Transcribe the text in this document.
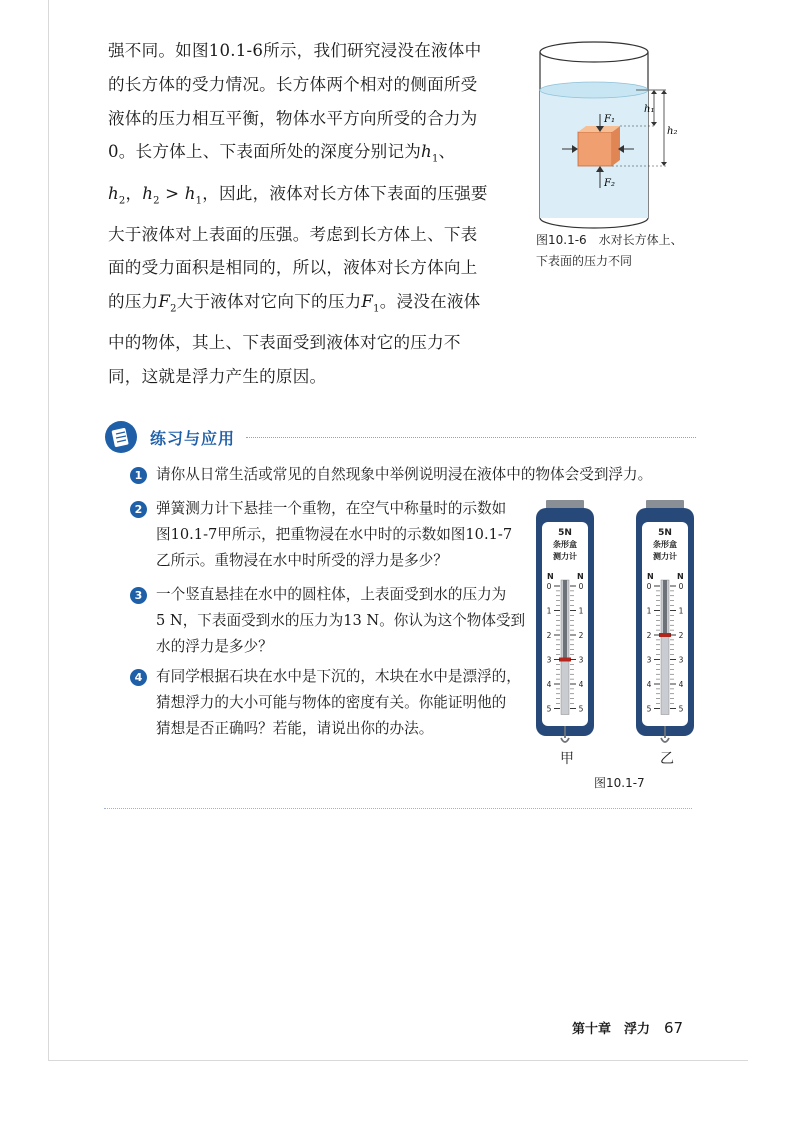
强不同。如图10.1-6所示，我们研究浸没在液体中的长方体的受力情况。长方体两个相对的侧面所受液体的压力相互平衡，物体水平方向所受的合力为0。长方体上、下表面所处的深度分别记为$h_1$、$h_2$，$h_2 > h_1$，因此，液体对长方体下表面的压强要大于液体对上表面的压强。考虑到长方体上、下表面的受力面积是相同的，所以，液体对长方体向上的压力$F_2$大于液体对它向下的压力$F_1$。浸没在液体中的物体，其上、下表面受到液体对它的压力不同，这就是浮力产生的原因。

h₁
h₂
F₁
F₂
图10.1-6　水对长方体上、
下表面的压力不同
练习与应用
1 请你从日常生活或常见的自然现象中举例说明浸在液体中的物体会受到浮力。
2 弹簧测力计下悬挂一个重物，在空气中称量时的示数如
图10.1-7甲所示，把重物浸在水中时的示数如图10.1-7
乙所示。重物浸在水中时所受的浮力是多少？
3 一个竖直悬挂在水中的圆柱体，上表面受到水的压力为
5 N，下表面受到水的压力为13 N。你认为这个物体受到
水的浮力是多少？
4 有同学根据石块在水中是下沉的，木块在水中是漂浮的，
猜想浮力的大小可能与物体的密度有关。你能证明他的
猜想是否正确吗？若能，请说出你的办法。
5N
条形盒
测力计
N	N
0	0
1	1
2	2
3	3
4	4
5	5
5N
条形盒
测力计
N	N
0	0
1	1
2	2
3	3
4	4
5	5
甲	乙
图10.1-7
第十章　浮力 67
